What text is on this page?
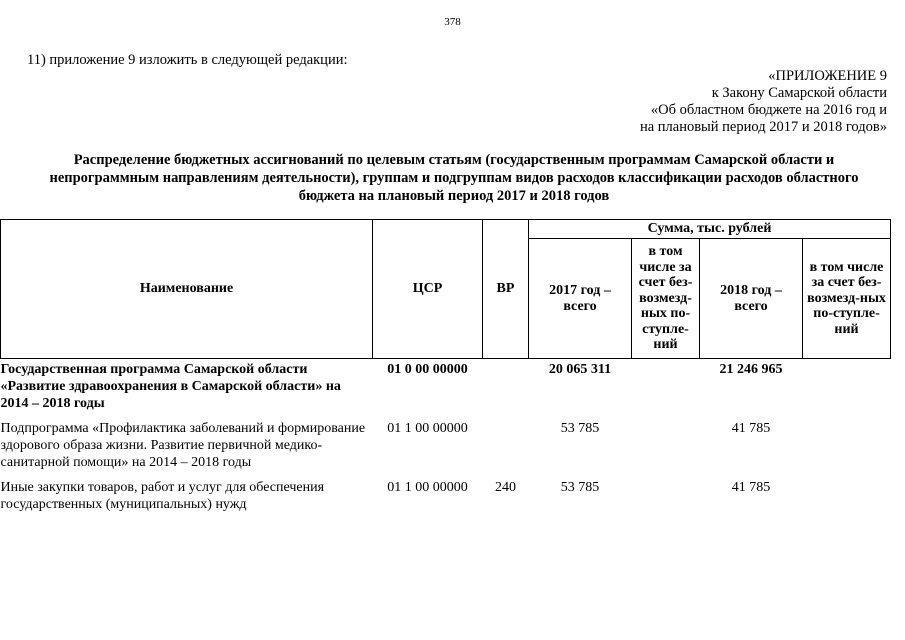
378
11) приложение 9 изложить в следующей редакции:
«ПРИЛОЖЕНИЕ 9
к Закону Самарской области
«Об областном бюджете на 2016 год и
на плановый период 2017 и 2018 годов»
Распределение бюджетных ассигнований по целевым статьям (государственным программам Самарской области и
непрограммным направлениям деятельности), группам и подгруппам видов расходов классификации расходов областного
бюджета на плановый период 2017 и 2018 годов
Наименование	ЦСР	ВР	Сумма, тыс. рублей			
			2017 год – всего	в том числе за счет без-возмезд-ных по-ступле-ний	2018 год – всего	в том числе за счет без-возмезд-ных по-ступле-ний
Государственная программа Самарской области «Развитие здравоохранения в Самарской области» на 2014 – 2018 годы	01 0 00 00000		20 065 311		21 246 965	

Подпрограмма «Профилактика заболеваний и формирование здорового образа жизни. Развитие первичной медико-санитарной помощи» на 2014 – 2018 годы	01 1 00 00000		53 785		41 785	

Иные закупки товаров, работ и услуг для обеспечения государственных (муниципальных) нужд	01 1 00 00000	240	53 785		41 785	
